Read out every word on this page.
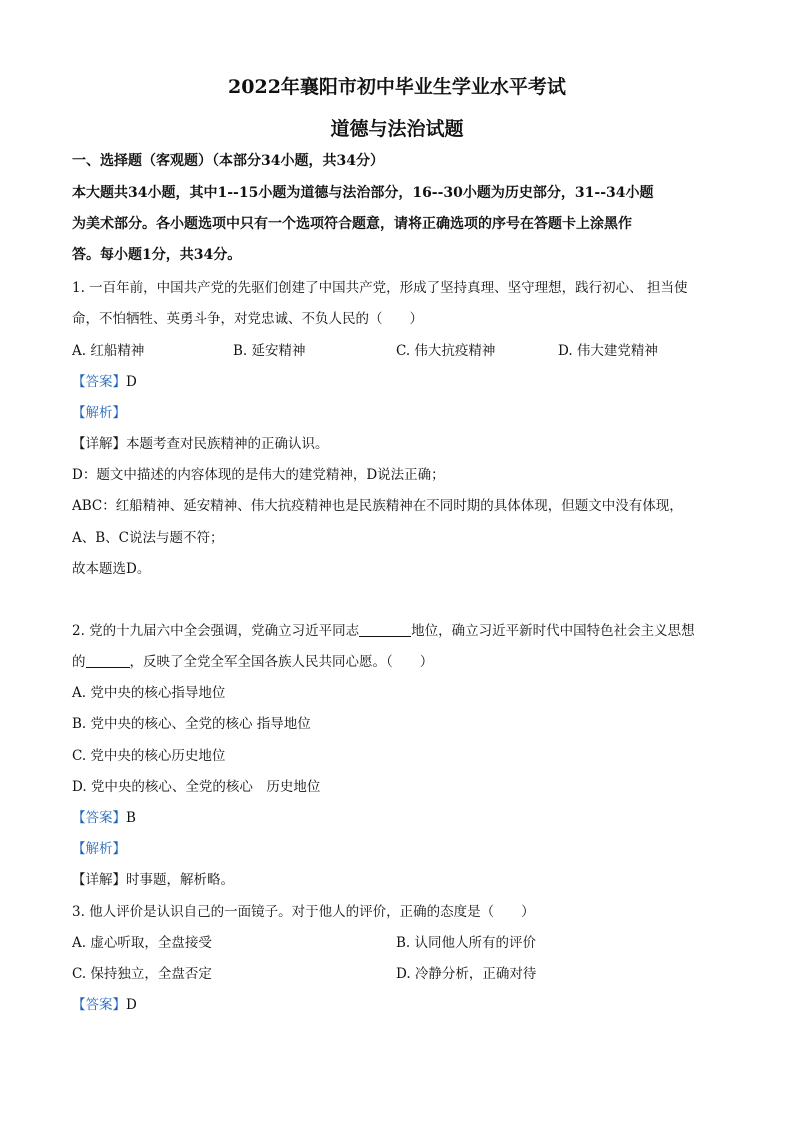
2022年襄阳市初中毕业生学业水平考试
道德与法治试题
一、选择题（客观题）（本部分34小题，共34分）
本大题共34小题，其中1--15小题为道德与法治部分，16--30小题为历史部分，31--34小题
为美术部分。各小题选项中只有一个选项符合题意，请将正确选项的序号在答题卡上涂黑作
答。每小题1分，共34分。
1. 一百年前，中国共产党的先驱们创建了中国共产党，形成了坚持真理、坚守理想，践行初心、 担当使
命，不怕牺牲、英勇斗争，对党忠诚、不负人民的（　　）
A. 红船精神	B. 延安精神	C. 伟大抗疫精神	D. 伟大建党精神
【答案】D
【解析】
【详解】本题考查对民族精神的正确认识。
D：题文中描述的内容体现的是伟大的建党精神，D说法正确；
ABC：红船精神、延安精神、伟大抗疫精神也是民族精神在不同时期的具体体现，但题文中没有体现，
A、B、C说法与题不符；
故本题选D。
2. 党的十九届六中全会强调，党确立习近平同志	地位，确立习近平新时代中国特色社会主义思想
的	，反映了全党全军全国各族人民共同心愿。（　　）
A. 党中央的核心指导地位
B. 党中央的核心、全党的核心 指导地位
C. 党中央的核心历史地位
D. 党中央的核心、全党的核心　历史地位
【答案】B
【解析】
【详解】时事题，解析略。
3. 他人评价是认识自己的一面镜子。对于他人的评价，正确的态度是（　　）
A. 虚心听取，全盘接受	B. 认同他人所有的评价
C. 保持独立，全盘否定	D. 冷静分析，正确对待
【答案】D
